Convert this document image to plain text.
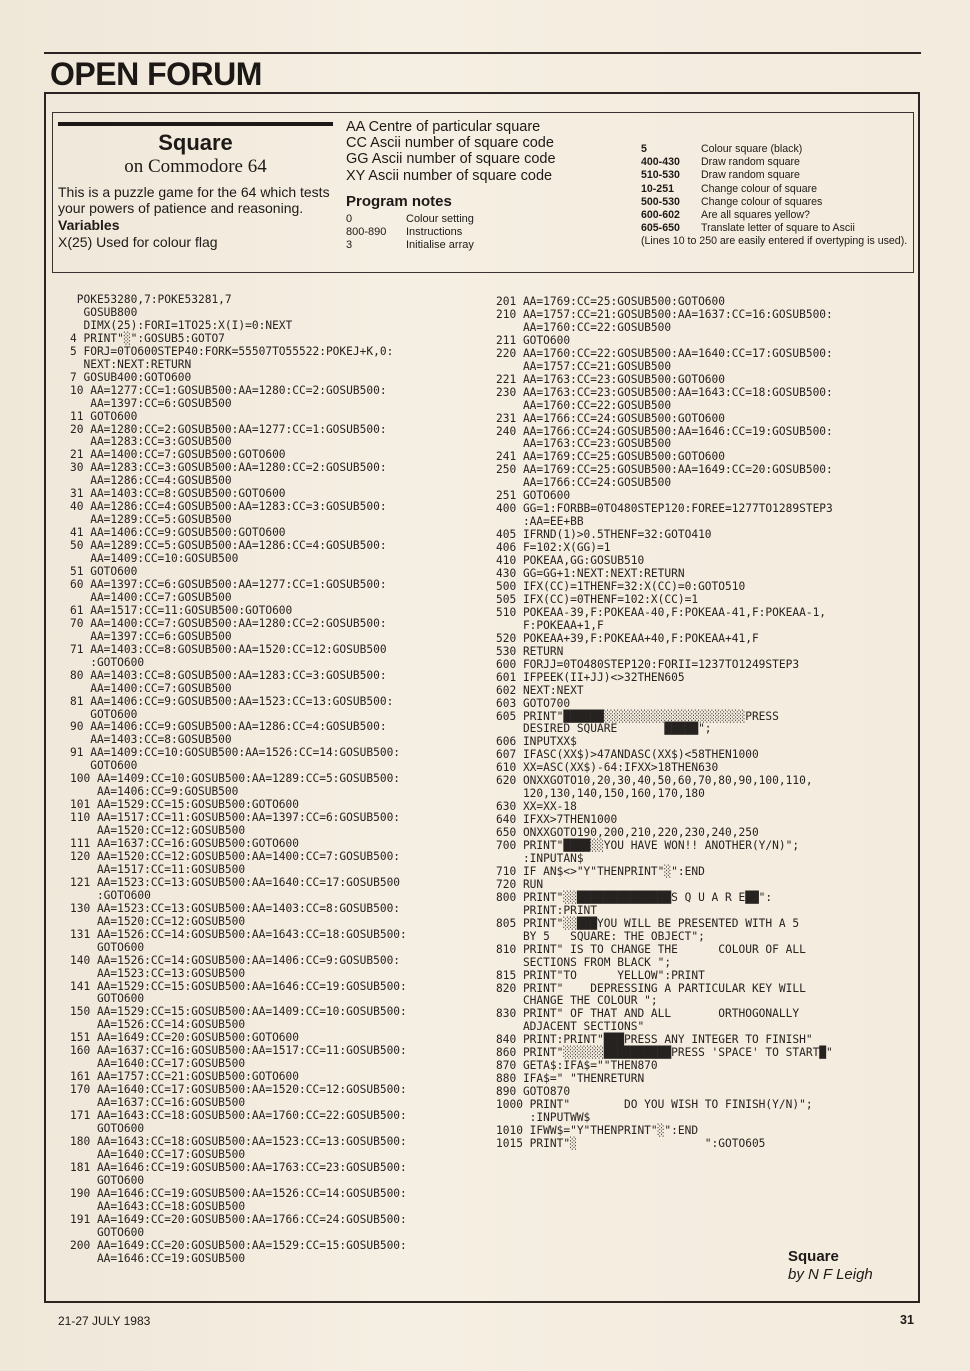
OPEN FORUM
Square
on Commodore 64

This is a puzzle game for the 64 which tests your powers of patience and reasoning.

Variables
X(25) Used for colour flag
AA Centre of particular square
CC Ascii number of square code
GG Ascii number of square code
XY Ascii number of square code
Program notes
0	Colour setting
800-890	Instructions
3	Initialise array
5	Colour square (black)
400-430	Draw random square
510-530	Draw random square
10-251	Change colour of square
500-530	Change colour of squares
600-602	Are all squares yellow?
605-650	Translate letter of square to Ascii
(Lines 10 to 250 are easily entered if overtyping is used).
POKE53280,7:POKE53281,7
GOSUB800
DIMX(25):FORI=1TO25:X(I)=0:NEXT
4 PRINT"░":GOSUB5:GOTO7
5 FORJ=0TO600STEP40:FORK=55507TO55522:POKEJ+K,0:
NEXT:NEXT:RETURN
7 GOSUB400:GOTO600
10 AA=1277:CC=1:GOSUB500:AA=1280:CC=2:GOSUB500:
AA=1397:CC=6:GOSUB500
11 GOTO600
20 AA=1280:CC=2:GOSUB500:AA=1277:CC=1:GOSUB500:
AA=1283:CC=3:GOSUB500
21 AA=1400:CC=7:GOSUB500:GOTO600
30 AA=1283:CC=3:GOSUB500:AA=1280:CC=2:GOSUB500:
AA=1286:CC=4:GOSUB500
31 AA=1403:CC=8:GOSUB500:GOTO600
40 AA=1286:CC=4:GOSUB500:AA=1283:CC=3:GOSUB500:
AA=1289:CC=5:GOSUB500
41 AA=1406:CC=9:GOSUB500:GOTO600
50 AA=1289:CC=5:GOSUB500:AA=1286:CC=4:GOSUB500:
AA=1409:CC=10:GOSUB500
51 GOTO600
60 AA=1397:CC=6:GOSUB500:AA=1277:CC=1:GOSUB500:
AA=1400:CC=7:GOSUB500
61 AA=1517:CC=11:GOSUB500:GOTO600
70 AA=1400:CC=7:GOSUB500:AA=1280:CC=2:GOSUB500:
AA=1397:CC=6:GOSUB500
71 AA=1403:CC=8:GOSUB500:AA=1520:CC=12:GOSUB500
:GOTO600
80 AA=1403:CC=8:GOSUB500:AA=1283:CC=3:GOSUB500:
AA=1400:CC=7:GOSUB500
81 AA=1406:CC=9:GOSUB500:AA=1523:CC=13:GOSUB500:
GOTO600
90 AA=1406:CC=9:GOSUB500:AA=1286:CC=4:GOSUB500:
AA=1403:CC=8:GOSUB500
91 AA=1409:CC=10:GOSUB500:AA=1526:CC=14:GOSUB500:
GOTO600
100 AA=1409:CC=10:GOSUB500:AA=1289:CC=5:GOSUB500:
AA=1406:CC=9:GOSUB500
101 AA=1529:CC=15:GOSUB500:GOTO600
110 AA=1517:CC=11:GOSUB500:AA=1397:CC=6:GOSUB500:
AA=1520:CC=12:GOSUB500
111 AA=1637:CC=16:GOSUB500:GOTO600
120 AA=1520:CC=12:GOSUB500:AA=1400:CC=7:GOSUB500:
AA=1517:CC=11:GOSUB500
121 AA=1523:CC=13:GOSUB500:AA=1640:CC=17:GOSUB500
:GOTO600
130 AA=1523:CC=13:GOSUB500:AA=1403:CC=8:GOSUB500:
AA=1520:CC=12:GOSUB500
131 AA=1526:CC=14:GOSUB500:AA=1643:CC=18:GOSUB500:
GOTO600
140 AA=1526:CC=14:GOSUB500:AA=1406:CC=9:GOSUB500:
AA=1523:CC=13:GOSUB500
141 AA=1529:CC=15:GOSUB500:AA=1646:CC=19:GOSUB500:
GOTO600
150 AA=1529:CC=15:GOSUB500:AA=1409:CC=10:GOSUB500:
AA=1526:CC=14:GOSUB500
151 AA=1649:CC=20:GOSUB500:GOTO600
160 AA=1637:CC=16:GOSUB500:AA=1517:CC=11:GOSUB500:
AA=1640:CC=17:GOSUB500
161 AA=1757:CC=21:GOSUB500:GOTO600
170 AA=1640:CC=17:GOSUB500:AA=1520:CC=12:GOSUB500:
AA=1637:CC=16:GOSUB500
171 AA=1643:CC=18:GOSUB500:AA=1760:CC=22:GOSUB500:
GOTO600
180 AA=1643:CC=18:GOSUB500:AA=1523:CC=13:GOSUB500:
AA=1640:CC=17:GOSUB500
181 AA=1646:CC=19:GOSUB500:AA=1763:CC=23:GOSUB500:
GOTO600
190 AA=1646:CC=19:GOSUB500:AA=1526:CC=14:GOSUB500:
AA=1643:CC=18:GOSUB500
191 AA=1649:CC=20:GOSUB500:AA=1766:CC=24:GOSUB500:
GOTO600
200 AA=1649:CC=20:GOSUB500:AA=1529:CC=15:GOSUB500:
AA=1646:CC=19:GOSUB500
201 AA=1769:CC=25:GOSUB500:GOTO600
210 AA=1757:CC=21:GOSUB500:AA=1637:CC=16:GOSUB500:
AA=1760:CC=22:GOSUB500
211 GOTO600
220 AA=1760:CC=22:GOSUB500:AA=1640:CC=17:GOSUB500:
AA=1757:CC=21:GOSUB500
221 AA=1763:CC=23:GOSUB500:GOTO600
230 AA=1763:CC=23:GOSUB500:AA=1643:CC=18:GOSUB500:
AA=1760:CC=22:GOSUB500
231 AA=1766:CC=24:GOSUB500:GOTO600
240 AA=1766:CC=24:GOSUB500:AA=1646:CC=19:GOSUB500:
AA=1763:CC=23:GOSUB500
241 AA=1769:CC=25:GOSUB500:GOTO600
250 AA=1769:CC=25:GOSUB500:AA=1649:CC=20:GOSUB500:
AA=1766:CC=24:GOSUB500
251 GOTO600
400 GG=1:FORBB=0TO480STEP120:FOREE=1277TO1289STEP3
:AA=EE+BB
405 IFRND(1)>0.5THENF=32:GOTO410
406 F=102:X(GG)=1
410 POKEAA,GG:GOSUB510
430 GG=GG+1:NEXT:NEXT:RETURN
500 IFX(CC)=1THENF=32:X(CC)=0:GOTO510
505 IFX(CC)=0THENF=102:X(CC)=1
510 POKEAA-39,F:POKEAA-40,F:POKEAA-41,F:POKEAA-1,
F:POKEAA+1,F
520 POKEAA+39,F:POKEAA+40,F:POKEAA+41,F
530 RETURN
600 FORJJ=0TO480STEP120:FORII=1237TO1249STEP3
601 IFPEEK(II+JJ)<>32THEN605
602 NEXT:NEXT
603 GOTO700
605 PRINT"██████░░░░░░░░░░░░░░░░░░░░░PRESS
DESIRED SQUARE       █████";
606 INPUTXX$
607 IFASC(XX$)>47ANDASC(XX$)<58THEN1000
610 XX=ASC(XX$)-64:IFXX>18THEN630
620 ONXXGOTO10,20,30,40,50,60,70,80,90,100,110,
120,130,140,150,160,170,180
630 XX=XX-18
640 IFXX>7THEN1000
650 ONXXGOTO190,200,210,220,230,240,250
700 PRINT"████░░YOU HAVE WON!! ANOTHER(Y/N)";
:INPUTAN$
710 IF AN$<>"Y"THENPRINT"░":END
720 RUN
800 PRINT"░░██████████████S Q U A R E██":
PRINT:PRINT
805 PRINT"░░███YOU WILL BE PRESENTED WITH A 5
BY 5   SQUARE: THE OBJECT";
810 PRINT" IS TO CHANGE THE      COLOUR OF ALL
SECTIONS FROM BLACK ";
815 PRINT"TO      YELLOW":PRINT
820 PRINT"    DEPRESSING A PARTICULAR KEY WILL
CHANGE THE COLOUR ";
830 PRINT" OF THAT AND ALL       ORTHOGONALLY
ADJACENT SECTIONS"
840 PRINT:PRINT"███PRESS ANY INTEGER TO FINISH"
860 PRINT"░░░░░░██████████PRESS 'SPACE' TO START█"
870 GETA$:IFA$=""THEN870
880 IFA$=" "THENRETURN
890 GOTO870
1000 PRINT"        DO YOU WISH TO FINISH(Y/N)";
:INPUTWW$
1010 IFWW$="Y"THENPRINT"░":END
1015 PRINT"░                   ":GOTO605
Square
by N F Leigh
21-27 JULY 1983	31
